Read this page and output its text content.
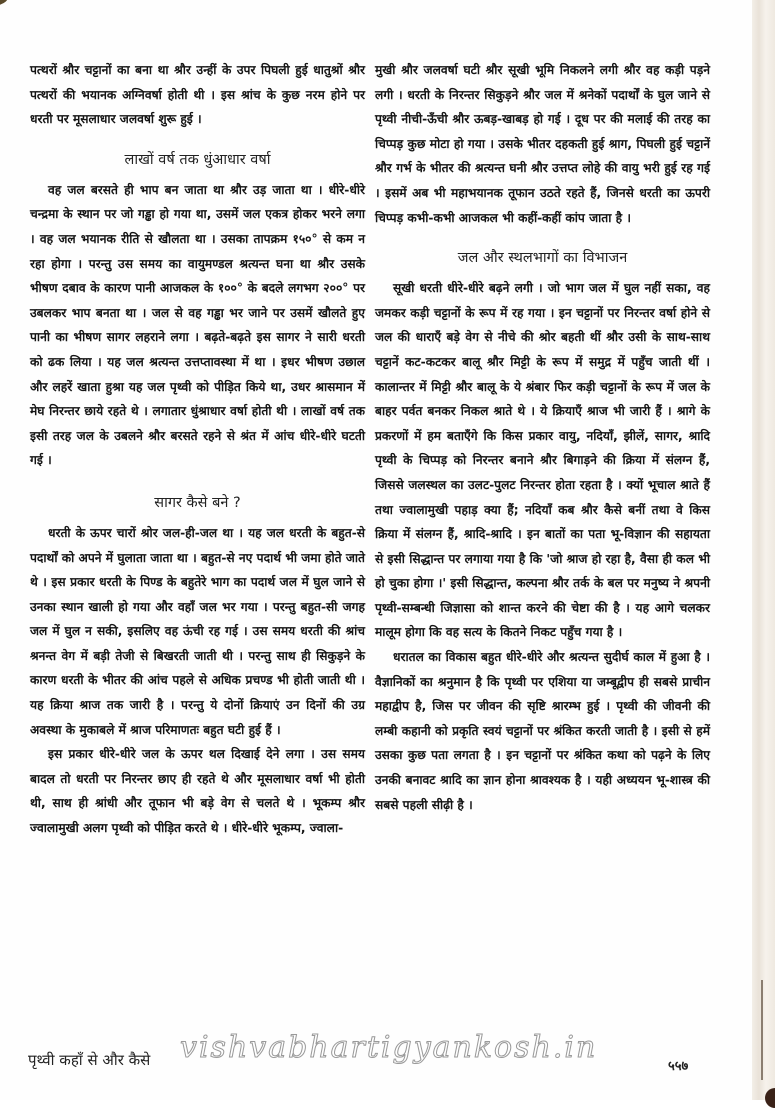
पत्थरों श्रौर चट्टानों का बना था श्रौर उन्हीं के उपर पिघली हुई धातुश्रों श्रौर पत्थरों की भयानक अग्निवर्षा होती थी । इस श्रांच के कुछ नरम होने पर धरती पर मूसलाधार जलवर्षा शुरू हुई ।

लाखों वर्ष तक धुंआधार वर्षा

वह जल बरसते ही भाप बन जाता था श्रौर उड़ जाता था । धीरे-धीरे चन्द्रमा के स्थान पर जो गड्ढा हो गया था, उसमें जल एकत्र होकर भरने लगा । वह जल भयानक रीति से खौलता था । उसका तापक्रम १५०° से कम न रहा होगा । परन्तु उस समय का वायुमण्डल श्रत्यन्त घना था श्रौर उसके भीषण दबाव के कारण पानी आजकल के १००° के बदले लगभग २००° पर उबलकर भाप बनता था । जल से वह गड्ढा भर जाने पर उसमें खौलते हुए पानी का भीषण सागर लहराने लगा । बढ़ते-बढ़ते इस सागर ने सारी धरती को ढक लिया । यह जल श्रत्यन्त उत्तप्तावस्था में था । इधर भीषण उछाल और लहरें खाता हुश्रा यह जल पृथ्वी को पीड़ित किये था, उधर श्रासमान में मेघ निरन्तर छाये रहते थे । लगातार धुंश्राधार वर्षा होती थी । लाखों वर्ष तक इसी तरह जल के उबलने श्रौर बरसते रहने से श्रंत में आंच धीरे-धीरे घटती गई ।

सागर कैसे बने ?

धरती के ऊपर चारों श्रोर जल-ही-जल था । यह जल धरती के बहुत-से पदार्थों को अपने में घुलाता जाता था । बहुत-से नए पदार्थ भी जमा होते जाते थे । इस प्रकार धरती के पिण्ड के बहुतेरे भाग का पदार्थ जल में घुल जाने से उनका स्थान खाली हो गया और वहाँ जल भर गया । परन्तु बहुत-सी जगह जल में घुल न सकी, इसलिए वह ऊंची रह गई । उस समय धरती की श्रांच श्रनन्त वेग में बड़ी तेजी से बिखरती जाती थी । परन्तु साथ ही सिकुड़ने के कारण धरती के भीतर की आंच पहले से अधिक प्रचण्ड भी होती जाती थी । यह क्रिया श्राज तक जारी है । परन्तु ये दोनों क्रियाएं उन दिनों की उग्र अवस्था के मुकाबले में श्राज परिमाणतः बहुत घटी हुई हैं ।

इस प्रकार धीरे-धीरे जल के ऊपर थल दिखाई देने लगा । उस समय बादल तो धरती पर निरन्तर छाए ही रहते थे और मूसलाधार वर्षा भी होती थी, साथ ही श्रांधी और तूफान भी बड़े वेग से चलते थे । भूकम्प श्रौर ज्वालामुखी अलग पृथ्वी को पीड़ित करते थे । धीरे-धीरे भूकम्प, ज्वाला-

मुखी श्रौर जलवर्षा घटी श्रौर सूखी भूमि निकलने लगी श्रौर वह कड़ी पड़ने लगी । धरती के निरन्तर सिकुड़ने श्रौर जल में श्रनेकों पदार्थों के घुल जाने से पृथ्वी नीची-ऊँची श्रौर ऊबड़-खाबड़ हो गई । दूध पर की मलाई की तरह का चिप्पड़ कुछ मोटा हो गया । उसके भीतर दहकती हुई श्राग, पिघली हुई चट्टानें श्रौर गर्भ के भीतर की श्रत्यन्त घनी श्रौर उत्तप्त लोहे की वायु भरी हुई रह गई । इसमें अब भी महाभयानक तूफान उठते रहते हैं, जिनसे धरती का ऊपरी चिप्पड़ कभी-कभी आजकल भी कहीं-कहीं कांप जाता है ।

जल और स्थलभागों का विभाजन

सूखी धरती धीरे-धीरे बढ़ने लगी । जो भाग जल में घुल नहीं सका, वह जमकर कड़ी चट्टानों के रूप में रह गया । इन चट्टानों पर निरन्तर वर्षा होने से जल की धाराएँ बड़े वेग से नीचे की श्रोर बहती थीं श्रौर उसी के साथ-साथ चट्टानें कट-कटकर बालू श्रौर मिट्टी के रूप में समुद्र में पहुँच जाती थीं । कालान्तर में मिट्टी श्रौर बालू के ये श्रंबार फिर कड़ी चट्टानों के रूप में जल के बाहर पर्वत बनकर निकल श्राते थे । ये क्रियाएँ श्राज भी जारी हैं । श्रागे के प्रकरणों में हम बताएँगे कि किस प्रकार वायु, नदियाँ, झीलें, सागर, श्रादि पृथ्वी के चिप्पड़ को निरन्तर बनाने श्रौर बिगाड़ने की क्रिया में संलग्न हैं, जिससे जलस्थल का उलट-पुलट निरन्तर होता रहता है । क्यों भूचाल श्राते हैं तथा ज्वालामुखी पहाड़ क्या हैं; नदियाँ कब श्रौर कैसे बनीं तथा वे किस क्रिया में संलग्न हैं, श्रादि-श्रादि । इन बातों का पता भू-विज्ञान की सहायता से इसी सिद्धान्त पर लगाया गया है कि 'जो श्राज हो रहा है, वैसा ही कल भी हो चुका होगा ।' इसी सिद्धान्त, कल्पना श्रौर तर्क के बल पर मनुष्य ने श्रपनी पृथ्वी-सम्बन्धी जिज्ञासा को शान्त करने की चेष्टा की है । यह आगे चलकर मालूम होगा कि वह सत्य के कितने निकट पहुँच गया है ।

धरातल का विकास बहुत धीरे-धीरे और श्रत्यन्त सुदीर्घ काल में हुआ है । वैज्ञानिकों का श्रनुमान है कि पृथ्वी पर एशिया या जम्बूद्वीप ही सबसे प्राचीन महाद्वीप है, जिस पर जीवन की सृष्टि श्रारम्भ हुई । पृथ्वी की जीवनी की लम्बी कहानी को प्रकृति स्वयं चट्टानों पर श्रंकित करती जाती है । इसी से हमें उसका कुछ पता लगता है । इन चट्टानों पर श्रंकित कथा को पढ़ने के लिए उनकी बनावट श्रादि का ज्ञान होना श्रावश्यक है । यही अध्ययन भू-शास्त्र की सबसे पहली सीढ़ी है ।

vishvabhartigyankosh.in
पृथ्वी कहाँ से और कैसे	५५७
